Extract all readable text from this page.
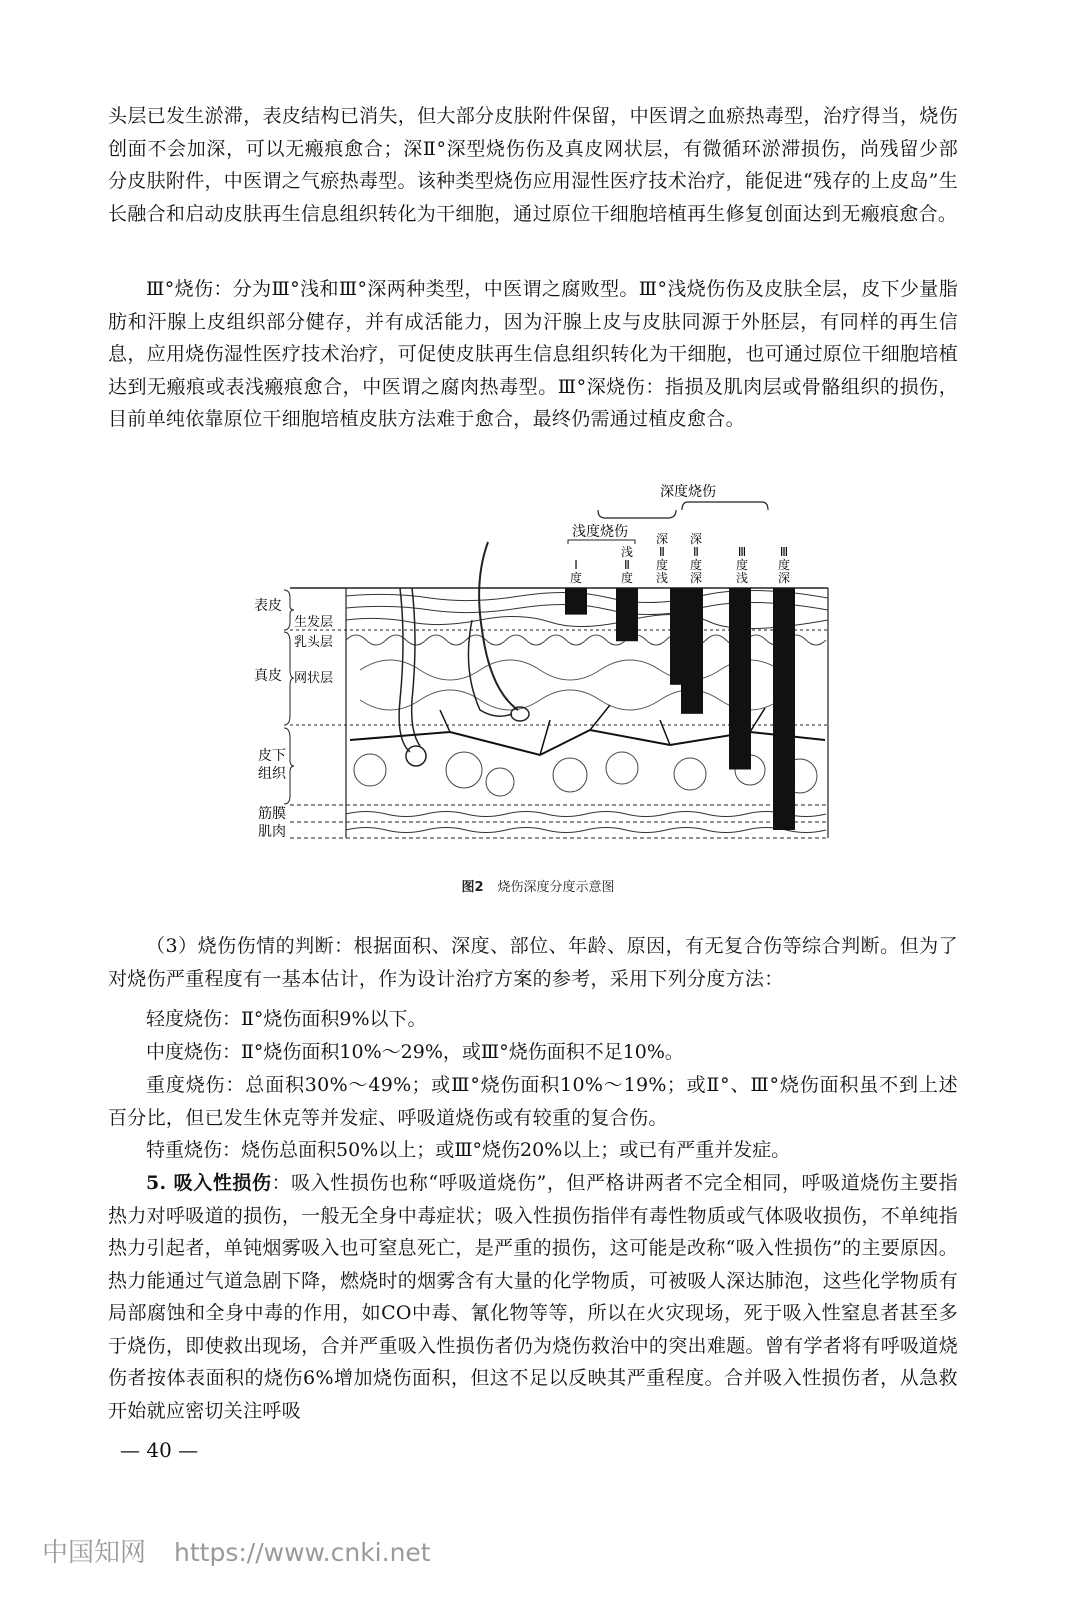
头层已发生淤滞，表皮结构已消失，但大部分皮肤附件保留，中医谓之血瘀热毒型，治疗得当，烧伤创面不会加深，可以无瘢痕愈合；深Ⅱ°深型烧伤伤及真皮网状层，有微循环淤滞损伤，尚残留少部分皮肤附件，中医谓之气瘀热毒型。该种类型烧伤应用湿性医疗技术治疗，能促进“残存的上皮岛”生长融合和启动皮肤再生信息组织转化为干细胞，通过原位干细胞培植再生修复创面达到无瘢痕愈合。

Ⅲ°烧伤：分为Ⅲ°浅和Ⅲ°深两种类型，中医谓之腐败型。Ⅲ°浅烧伤伤及皮肤全层，皮下少量脂肪和汗腺上皮组织部分健存，并有成活能力，因为汗腺上皮与皮肤同源于外胚层，有同样的再生信息，应用烧伤湿性医疗技术治疗，可促使皮肤再生信息组织转化为干细胞，也可通过原位干细胞培植达到无瘢痕或表浅瘢痕愈合，中医谓之腐肉热毒型。Ⅲ°深烧伤：指损及肌肉层或骨骼组织的损伤，目前单纯依靠原位干细胞培植皮肤方法难于愈合，最终仍需通过植皮愈合。

深度烧伤
浅度烧伤
Ⅰ 度
浅 Ⅱ 度
深 Ⅱ 度浅
深 Ⅱ 度深
Ⅲ 度浅
Ⅲ 度深
表皮
生发层
乳头层
真皮 网状层
皮下
组织
筋膜
肌肉
图2 烧伤深度分度示意图

（3）烧伤伤情的判断：根据面积、深度、部位、年龄、原因，有无复合伤等综合判断。但为了对烧伤严重程度有一基本估计，作为设计治疗方案的参考，采用下列分度方法：

轻度烧伤：Ⅱ°烧伤面积9%以下。

中度烧伤：Ⅱ°烧伤面积10%～29%，或Ⅲ°烧伤面积不足10%。

重度烧伤：总面积30%～49%；或Ⅲ°烧伤面积10%～19%；或Ⅱ°、Ⅲ°烧伤面积虽不到上述百分比，但已发生休克等并发症、呼吸道烧伤或有较重的复合伤。

特重烧伤：烧伤总面积50%以上；或Ⅲ°烧伤20%以上；或已有严重并发症。

5. 吸入性损伤：吸入性损伤也称“呼吸道烧伤”，但严格讲两者不完全相同，呼吸道烧伤主要指热力对呼吸道的损伤，一般无全身中毒症状；吸入性损伤指伴有毒性物质或气体吸收损伤，不单纯指热力引起者，单钝烟雾吸入也可窒息死亡，是严重的损伤，这可能是改称“吸入性损伤”的主要原因。热力能通过气道急剧下降，燃烧时的烟雾含有大量的化学物质，可被吸人深达肺泡，这些化学物质有局部腐蚀和全身中毒的作用，如CO中毒、氰化物等等，所以在火灾现场，死于吸入性窒息者甚至多于烧伤，即使救出现场，合并严重吸入性损伤者仍为烧伤救治中的突出难题。曾有学者将有呼吸道烧伤者按体表面积的烧伤6%增加烧伤面积，但这不足以反映其严重程度。合并吸入性损伤者，从急救开始就应密切关注呼吸

— 40 —
中国知网 https://www.cnki.net
